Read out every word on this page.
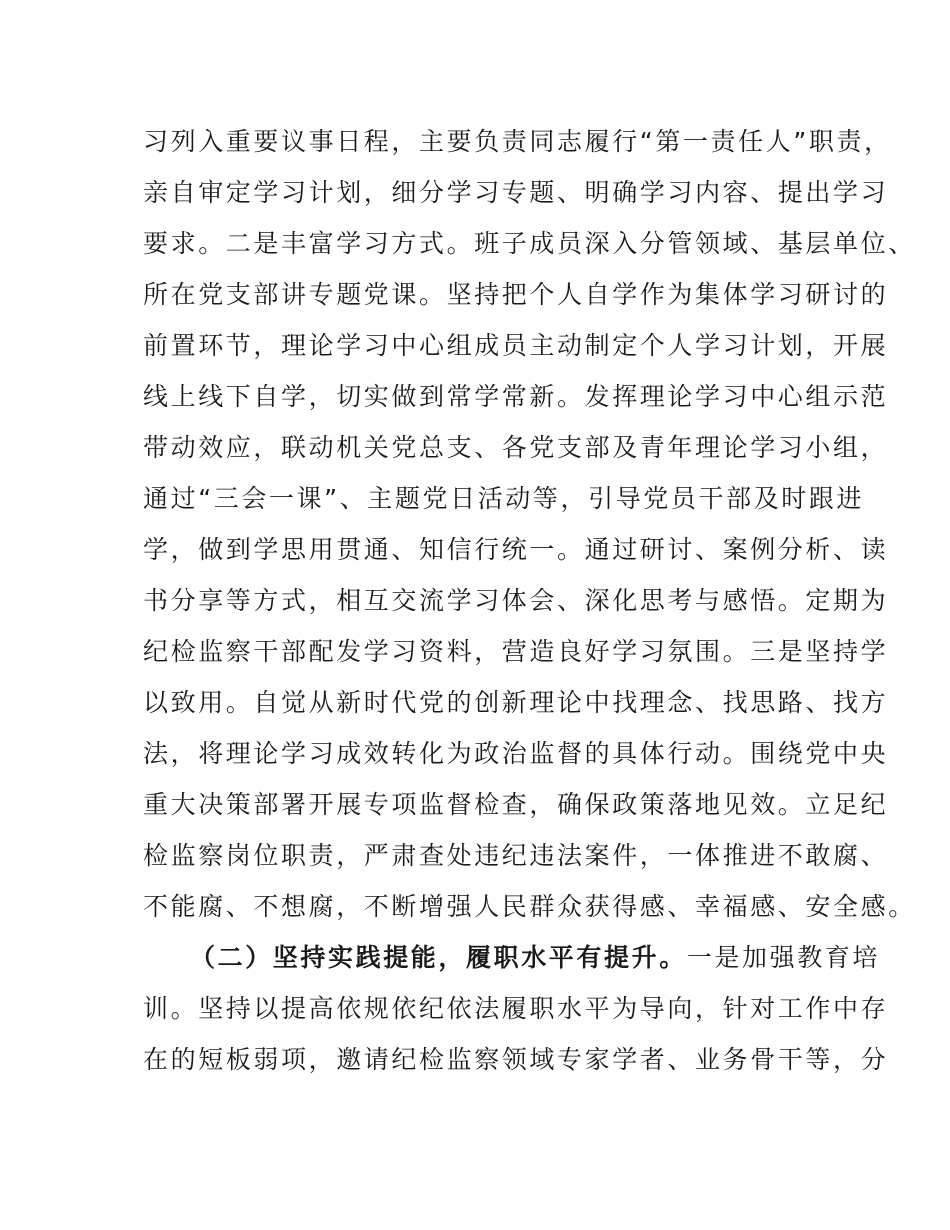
习列入重要议事日程，主要负责同志履行“第一责任人”职责，
亲自审定学习计划，细分学习专题、明确学习内容、提出学习
要求。二是丰富学习方式。班子成员深入分管领域、基层单位、
所在党支部讲专题党课。坚持把个人自学作为集体学习研讨的
前置环节，理论学习中心组成员主动制定个人学习计划，开展
线上线下自学，切实做到常学常新。发挥理论学习中心组示范
带动效应，联动机关党总支、各党支部及青年理论学习小组，
通过“三会一课”、主题党日活动等，引导党员干部及时跟进
学，做到学思用贯通、知信行统一。通过研讨、案例分析、读
书分享等方式，相互交流学习体会、深化思考与感悟。定期为
纪检监察干部配发学习资料，营造良好学习氛围。三是坚持学
以致用。自觉从新时代党的创新理论中找理念、找思路、找方
法，将理论学习成效转化为政治监督的具体行动。围绕党中央
重大决策部署开展专项监督检查，确保政策落地见效。立足纪
检监察岗位职责，严肃查处违纪违法案件，一体推进不敢腐、
不能腐、不想腐，不断增强人民群众获得感、幸福感、安全感。
（二）坚持实践提能，履职水平有提升。一是加强教育培
训。坚持以提高依规依纪依法履职水平为导向，针对工作中存
在的短板弱项，邀请纪检监察领域专家学者、业务骨干等，分
